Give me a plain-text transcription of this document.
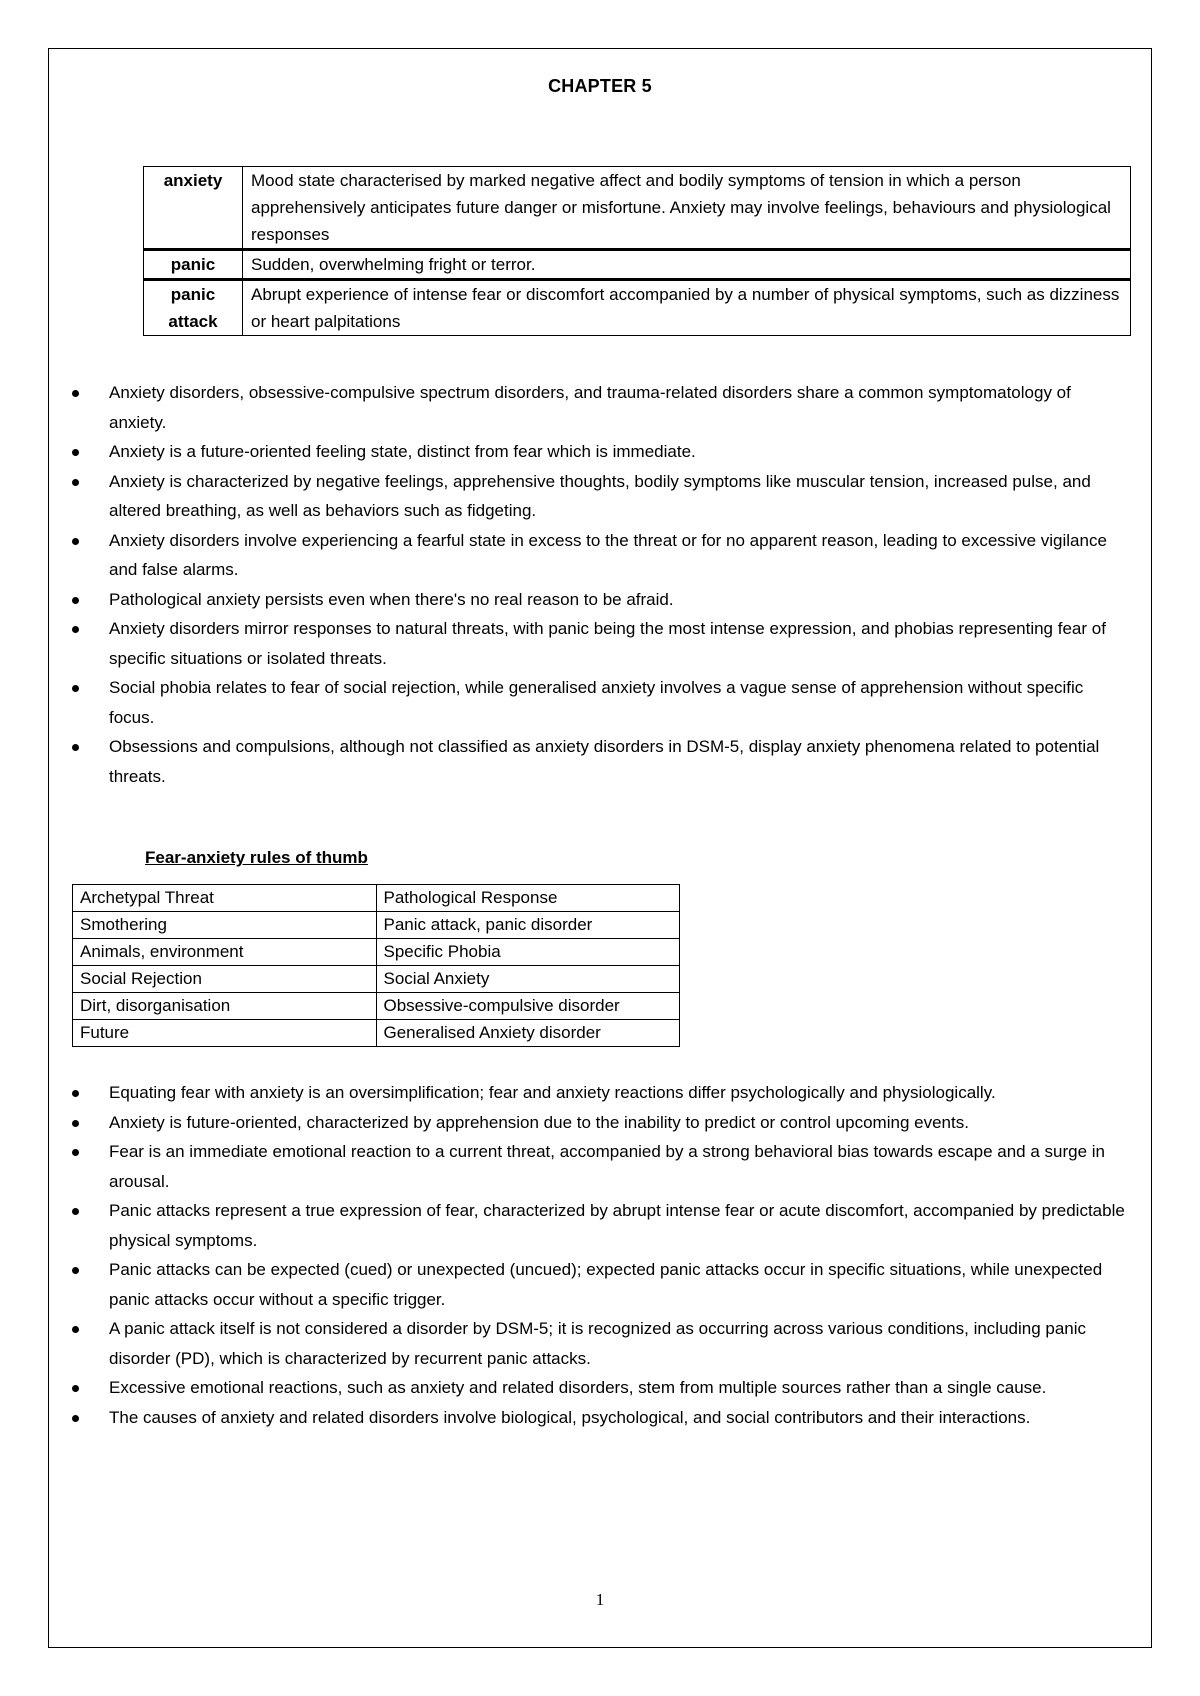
CHAPTER 5
anxiety	Mood state characterised by marked negative affect and bodily symptoms of tension in which a person apprehensively anticipates future danger or misfortune. Anxiety may involve feelings, behaviours and physiological responses
panic	Sudden, overwhelming fright or terror.
panic attack	Abrupt experience of intense fear or discomfort accompanied by a number of physical symptoms, such as dizziness or heart palpitations
Anxiety disorders, obsessive-compulsive spectrum disorders, and trauma-related disorders share a common symptomatology of anxiety.
Anxiety is a future-oriented feeling state, distinct from fear which is immediate.
Anxiety is characterized by negative feelings, apprehensive thoughts, bodily symptoms like muscular tension, increased pulse, and altered breathing, as well as behaviors such as fidgeting.
Anxiety disorders involve experiencing a fearful state in excess to the threat or for no apparent reason, leading to excessive vigilance and false alarms.
Pathological anxiety persists even when there's no real reason to be afraid.
Anxiety disorders mirror responses to natural threats, with panic being the most intense expression, and phobias representing fear of specific situations or isolated threats.
Social phobia relates to fear of social rejection, while generalised anxiety involves a vague sense of apprehension without specific focus.
Obsessions and compulsions, although not classified as anxiety disorders in DSM-5, display anxiety phenomena related to potential threats.
Fear-anxiety rules of thumb
Archetypal Threat	Pathological Response
Smothering	Panic attack, panic disorder
Animals, environment	Specific Phobia
Social Rejection	Social Anxiety
Dirt, disorganisation	Obsessive-compulsive disorder
Future	Generalised Anxiety disorder
Equating fear with anxiety is an oversimplification; fear and anxiety reactions differ psychologically and physiologically.
Anxiety is future-oriented, characterized by apprehension due to the inability to predict or control upcoming events.
Fear is an immediate emotional reaction to a current threat, accompanied by a strong behavioral bias towards escape and a surge in arousal.
Panic attacks represent a true expression of fear, characterized by abrupt intense fear or acute discomfort, accompanied by predictable physical symptoms.
Panic attacks can be expected (cued) or unexpected (uncued); expected panic attacks occur in specific situations, while unexpected panic attacks occur without a specific trigger.
A panic attack itself is not considered a disorder by DSM-5; it is recognized as occurring across various conditions, including panic disorder (PD), which is characterized by recurrent panic attacks.
Excessive emotional reactions, such as anxiety and related disorders, stem from multiple sources rather than a single cause.
The causes of anxiety and related disorders involve biological, psychological, and social contributors and their interactions.
1
